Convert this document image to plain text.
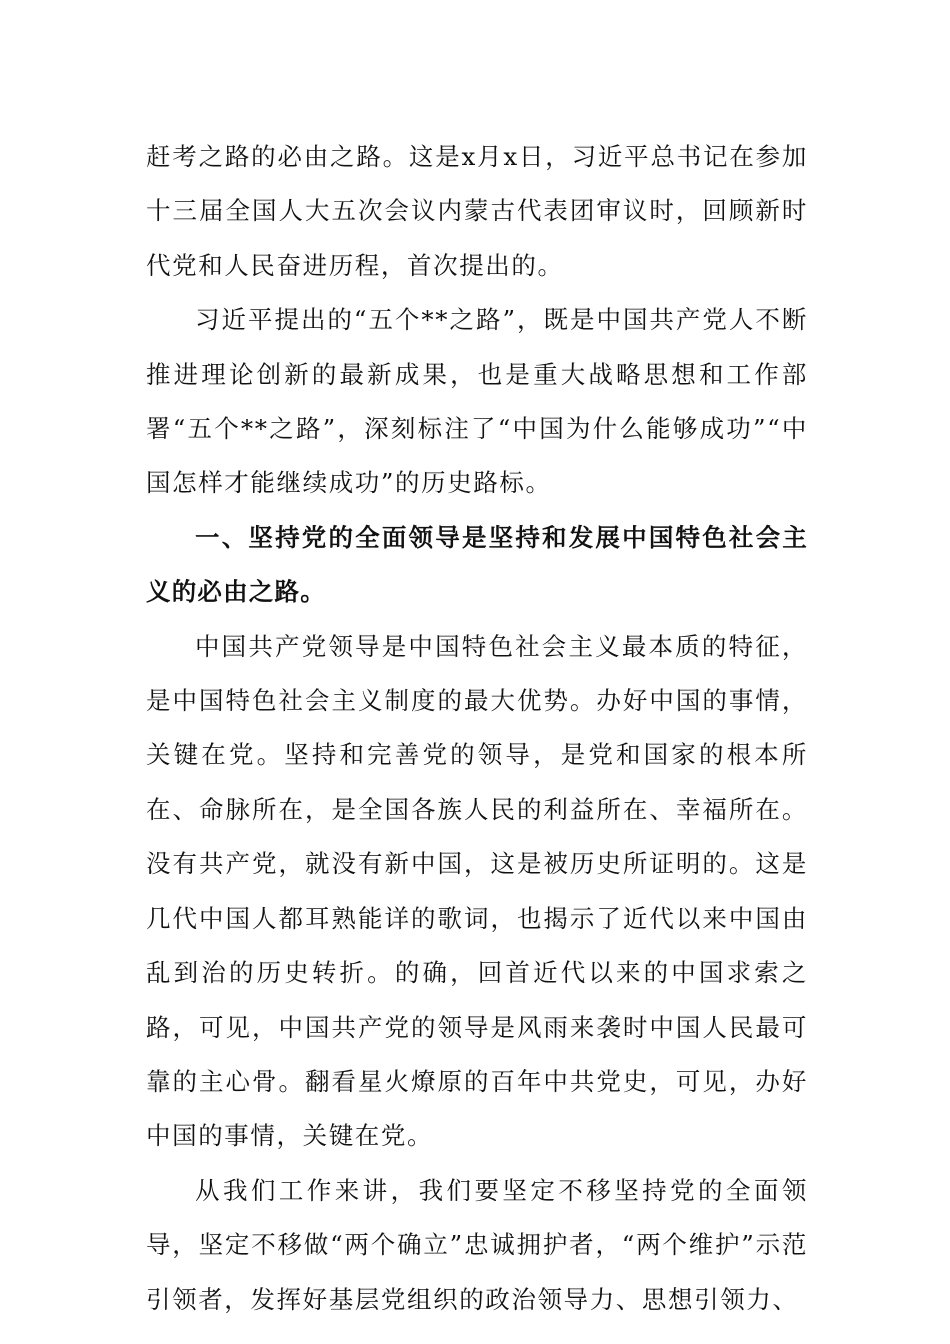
赶考之路的必由之路。这是x月x日，习近平总书记在参加十三届全国人大五次会议内蒙古代表团审议时，回顾新时代党和人民奋进历程，首次提出的。

习近平提出的“五个**之路”，既是中国共产党人不断推进理论创新的最新成果，也是重大战略思想和工作部署“五个**之路”，深刻标注了“中国为什么能够成功”“中国怎样才能继续成功”的历史路标。

一、坚持党的全面领导是坚持和发展中国特色社会主义的必由之路。

中国共产党领导是中国特色社会主义最本质的特征，是中国特色社会主义制度的最大优势。办好中国的事情，关键在党。坚持和完善党的领导，是党和国家的根本所在、命脉所在，是全国各族人民的利益所在、幸福所在。没有共产党，就没有新中国，这是被历史所证明的。这是几代中国人都耳熟能详的歌词，也揭示了近代以来中国由乱到治的历史转折。的确，回首近代以来的中国求索之路，可见，中国共产党的领导是风雨来袭时中国人民最可靠的主心骨。翻看星火燎原的百年中共党史，可见，办好中国的事情，关键在党。

从我们工作来讲，我们要坚定不移坚持党的全面领导，坚定不移做“两个确立”忠诚拥护者，“两个维护”示范引领者，发挥好基层党组织的政治领导力、思想引领力、
